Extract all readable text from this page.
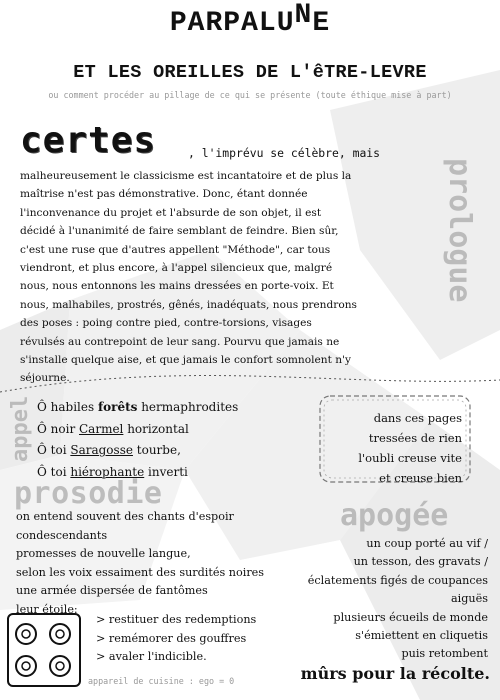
PARPALUNE
ET LES OREILLES DE L'êTRE-LEVRE
ou comment procéder au pillage de ce qui se présente (toute éthique mise à part)
certes	, l'imprévu se célèbre, mais
malheureusement le classicisme est incantatoire et de plus la
maîtrise n'est pas démonstrative. Donc, étant donnée
l'inconvenance du projet et l'absurde de son objet, il est
décidé à l'unanimité de faire semblant de feindre. Bien sûr,
c'est une ruse que d'autres appellent "Méthode", car tous
viendront, et plus encore, à l'appel silencieux que, malgré
nous, nous entonnons les mains dressées en porte-voix. Et
nous, malhabiles, prostrés, gênés, inadéquats, nous prendrons
des poses : poing contre pied, contre-torsions, visages
révulsés au contrepoint de leur sang. Pourvu que jamais ne
s'installe quelque aise, et que jamais le confort somnolent n'y
séjourne.
prologue
appel Ô habiles forêts hermaphrodites
Ô noir Carmel horizontal
Ô toi Saragosse tourbe,
Ô toi hiérophante inverti
dans ces pages
tressées de rien
l'oubli creuse vite
et creuse bien
prosodie
on entend souvent des chants d'espoir
condescendants
promesses de nouvelle langue,
selon les voix essaiment des surdités noires
une armée dispersée de fantômes
leur étoile:
> restituer des redemptions
> remémorer des gouffres
> avaler l'indicible.
appareil de cuisine : ego = 0
apogée
un coup porté au vif /
un tesson, des gravats /
éclatements figés de coupances
aiguës
plusieurs écueils de monde
s'émiettent en cliquetis
puis retombent
mûrs pour la récolte.
